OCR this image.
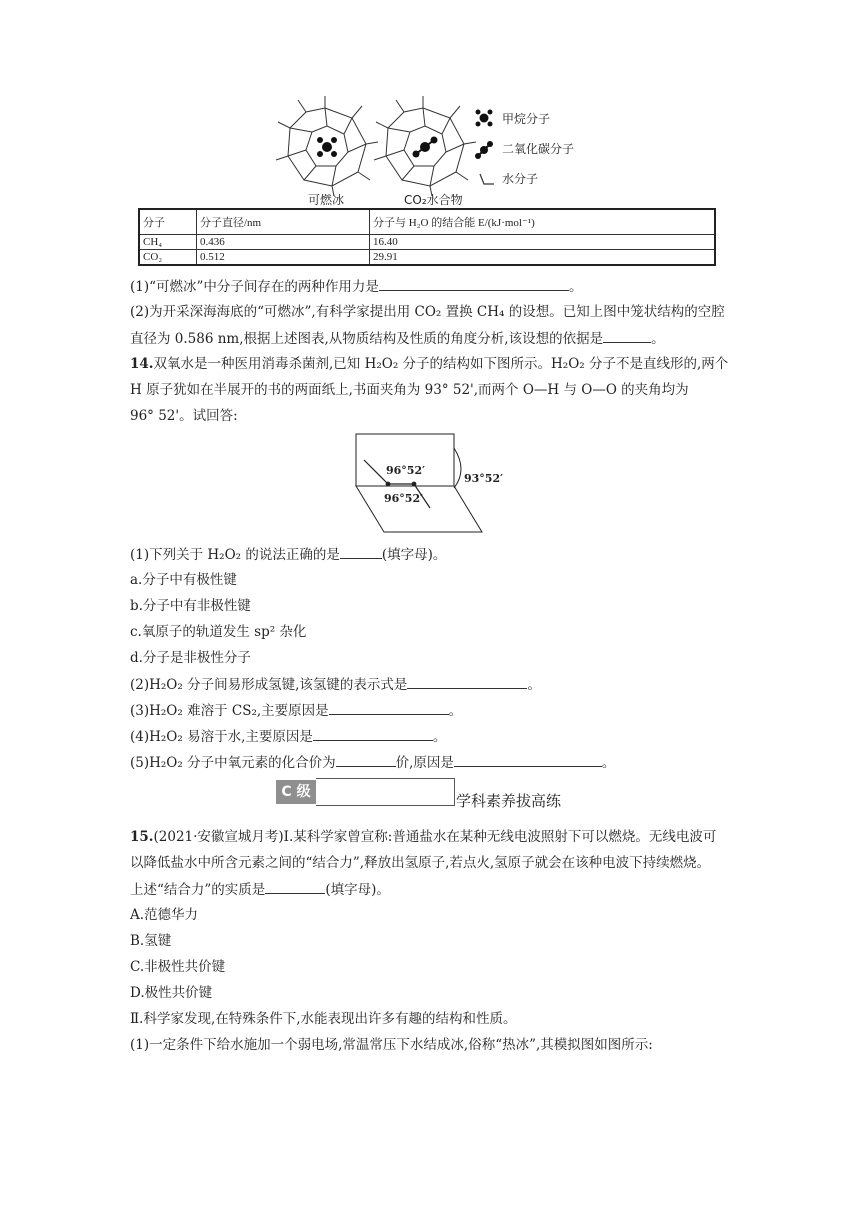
可燃冰	CO₂水合物
甲烷分子
二氧化碳分子
水分子
分子	分子直径/nm	分子与 H₂O 的结合能 E/(kJ·mol⁻¹)
CH₄	0.436	16.40
CO₂	0.512	29.91
(1)“可燃冰”中分子间存在的两种作用力是	。
(2)为开采深海海底的“可燃冰”,有科学家提出用 CO₂ 置换 CH₄ 的设想。已知上图中笼状结构的空腔
直径为 0.586 nm,根据上述图表,从物质结构及性质的角度分析,该设想的依据是	。
14.双氧水是一种医用消毒杀菌剂,已知 H₂O₂ 分子的结构如下图所示。H₂O₂ 分子不是直线形的,两个
H 原子犹如在半展开的书的两面纸上,书面夹角为 93° 52',而两个 O—H 与 O—O 的夹角均为
96° 52'。试回答:
96°52′
96°52′
93°52′
(1)下列关于 H₂O₂ 的说法正确的是	(填字母)。
a.分子中有极性键
b.分子中有非极性键
c.氧原子的轨道发生 sp² 杂化
d.分子是非极性分子
(2)H₂O₂ 分子间易形成氢键,该氢键的表示式是	。
(3)H₂O₂ 难溶于 CS₂,主要原因是	。
(4)H₂O₂ 易溶于水,主要原因是	。
(5)H₂O₂ 分子中氧元素的化合价为	价,原因是	。
C 级	学科素养拔高练
15.(2021·安徽宣城月考)Ⅰ.某科学家曾宣称:普通盐水在某种无线电波照射下可以燃烧。无线电波可
以降低盐水中所含元素之间的“结合力”,释放出氢原子,若点火,氢原子就会在该种电波下持续燃烧。
上述“结合力”的实质是	(填字母)。
A.范德华力
B.氢键
C.非极性共价键
D.极性共价键
Ⅱ.科学家发现,在特殊条件下,水能表现出许多有趣的结构和性质。
(1)一定条件下给水施加一个弱电场,常温常压下水结成冰,俗称“热冰”,其模拟图如图所示:
